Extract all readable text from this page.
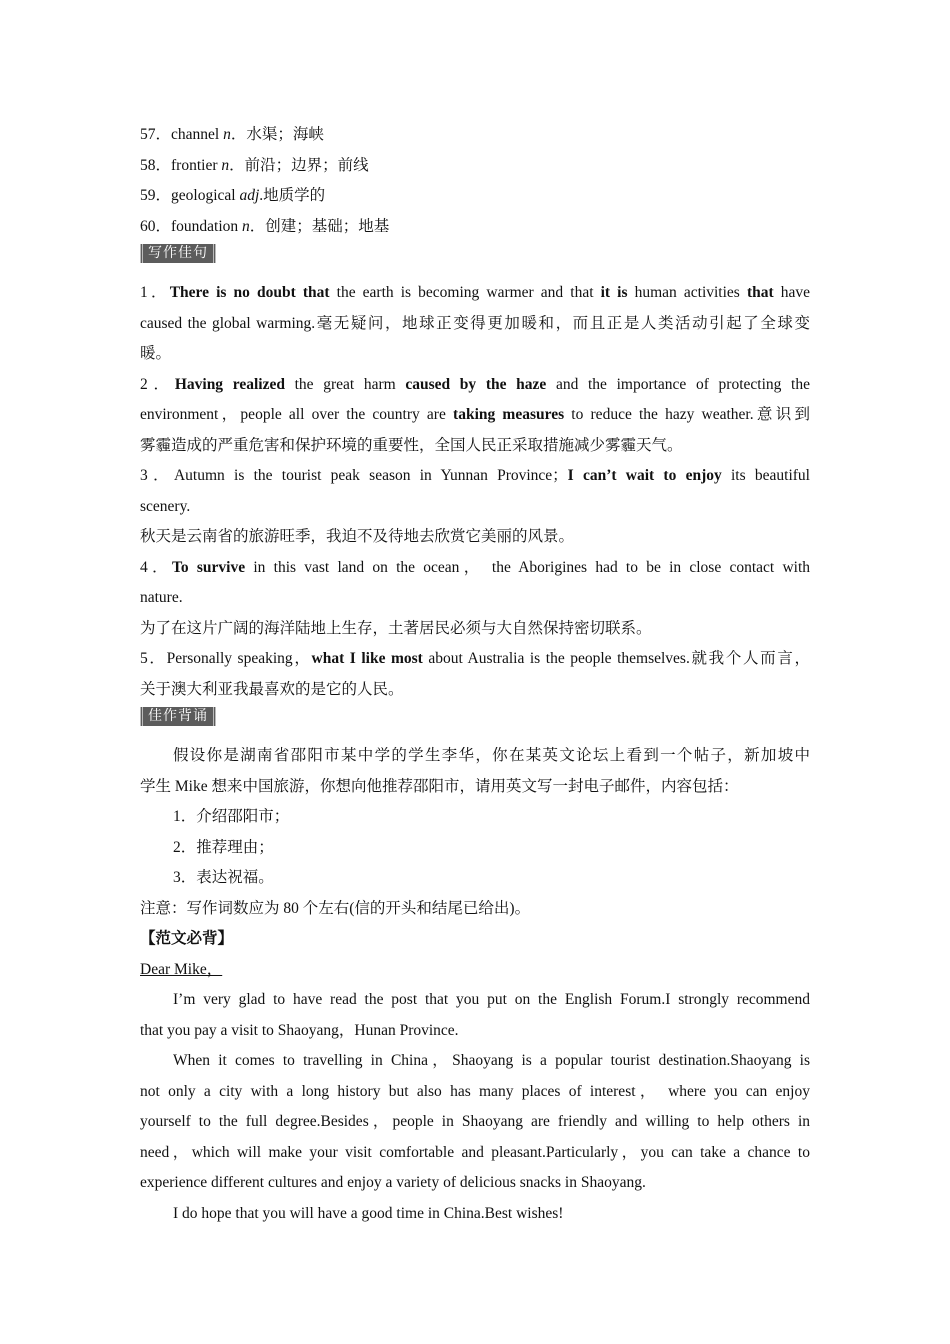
57．channel n．水渠；海峡
58．frontier n．前沿；边界；前线
59．geological adj.地质学的
60．foundation n．创建；基础；地基
写作佳句
1．There is no doubt that the earth is becoming warmer and that it is human activities that have
caused the global warming.毫无疑问，地球正变得更加暖和，而且正是人类活动引起了全球变
暖。
2．Having realized the great harm caused by the haze and the importance of protecting the
environment，people all over the country are taking measures to reduce the hazy weather.意识到
雾霾造成的严重危害和保护环境的重要性，全国人民正采取措施减少雾霾天气。
3．Autumn is the tourist peak season in Yunnan Province；I can’t wait to enjoy its beautiful
scenery.
秋天是云南省的旅游旺季，我迫不及待地去欣赏它美丽的风景。
4．To survive in this vast land on the ocean， the Aborigines had to be in close contact with
nature.
为了在这片广阔的海洋陆地上生存，土著居民必须与大自然保持密切联系。
5．Personally speaking，what I like most about Australia is the people themselves.就我个人而言，
关于澳大利亚我最喜欢的是它的人民。
佳作背诵
假设你是湖南省邵阳市某中学的学生李华，你在某英文论坛上看到一个帖子，新加坡中
学生 Mike 想来中国旅游，你想向他推荐邵阳市，请用英文写一封电子邮件，内容包括：
1．介绍邵阳市；
2．推荐理由；
3．表达祝福。
注意：写作词数应为 80 个左右(信的开头和结尾已给出)。
【范文必背】
Dear Mike，
I’m very glad to have read the post that you put on the English Forum.I strongly recommend
that you pay a visit to Shaoyang，Hunan Province.
When it comes to travelling in China，Shaoyang is a popular tourist destination.Shaoyang is
not only a city with a long history but also has many places of interest， where you can enjoy
yourself to the full degree.Besides，people in Shaoyang are friendly and willing to help others in
need，which will make your visit comfortable and pleasant.Particularly，you can take a chance to
experience different cultures and enjoy a variety of delicious snacks in Shaoyang.
I do hope that you will have a good time in China.Best wishes!
